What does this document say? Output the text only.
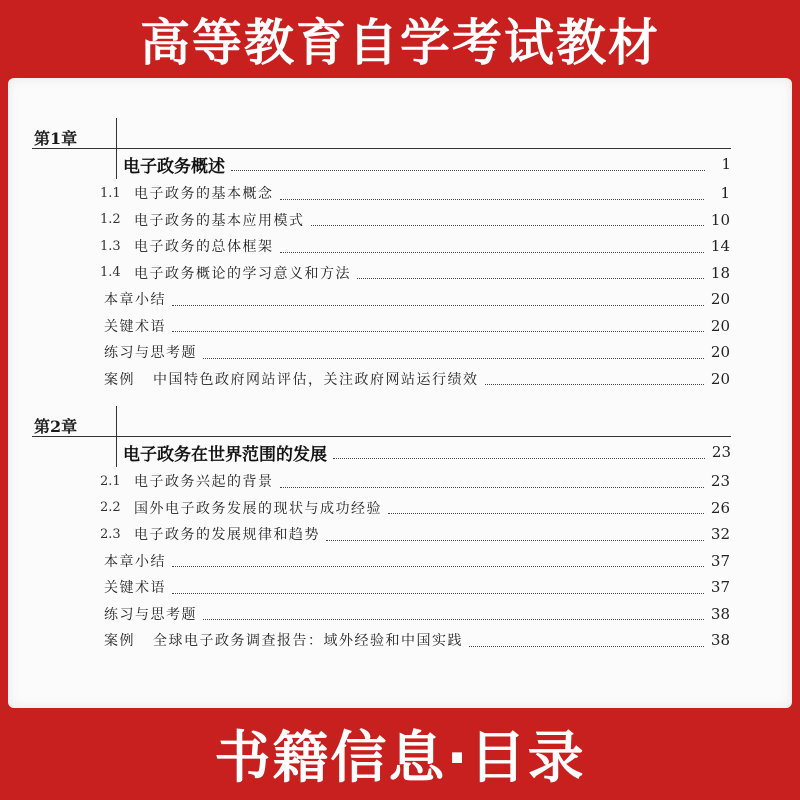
高等教育自学考试教材
第1章
电子政务概述	1
1.1 电子政务的基本概念	1
1.2 电子政务的基本应用模式	10
1.3 电子政务的总体框架	14
1.4 电子政务概论的学习意义和方法	18
本章小结	20
关键术语	20
练习与思考题	20
案例 中国特色政府网站评估，关注政府网站运行绩效	20
第2章
电子政务在世界范围的发展	23
2.1 电子政务兴起的背景	23
2.2 国外电子政务发展的现状与成功经验	26
2.3 电子政务的发展规律和趋势	32
本章小结	37
关键术语	37
练习与思考题	38
案例 全球电子政务调查报告：域外经验和中国实践	38
书籍信息·目录
